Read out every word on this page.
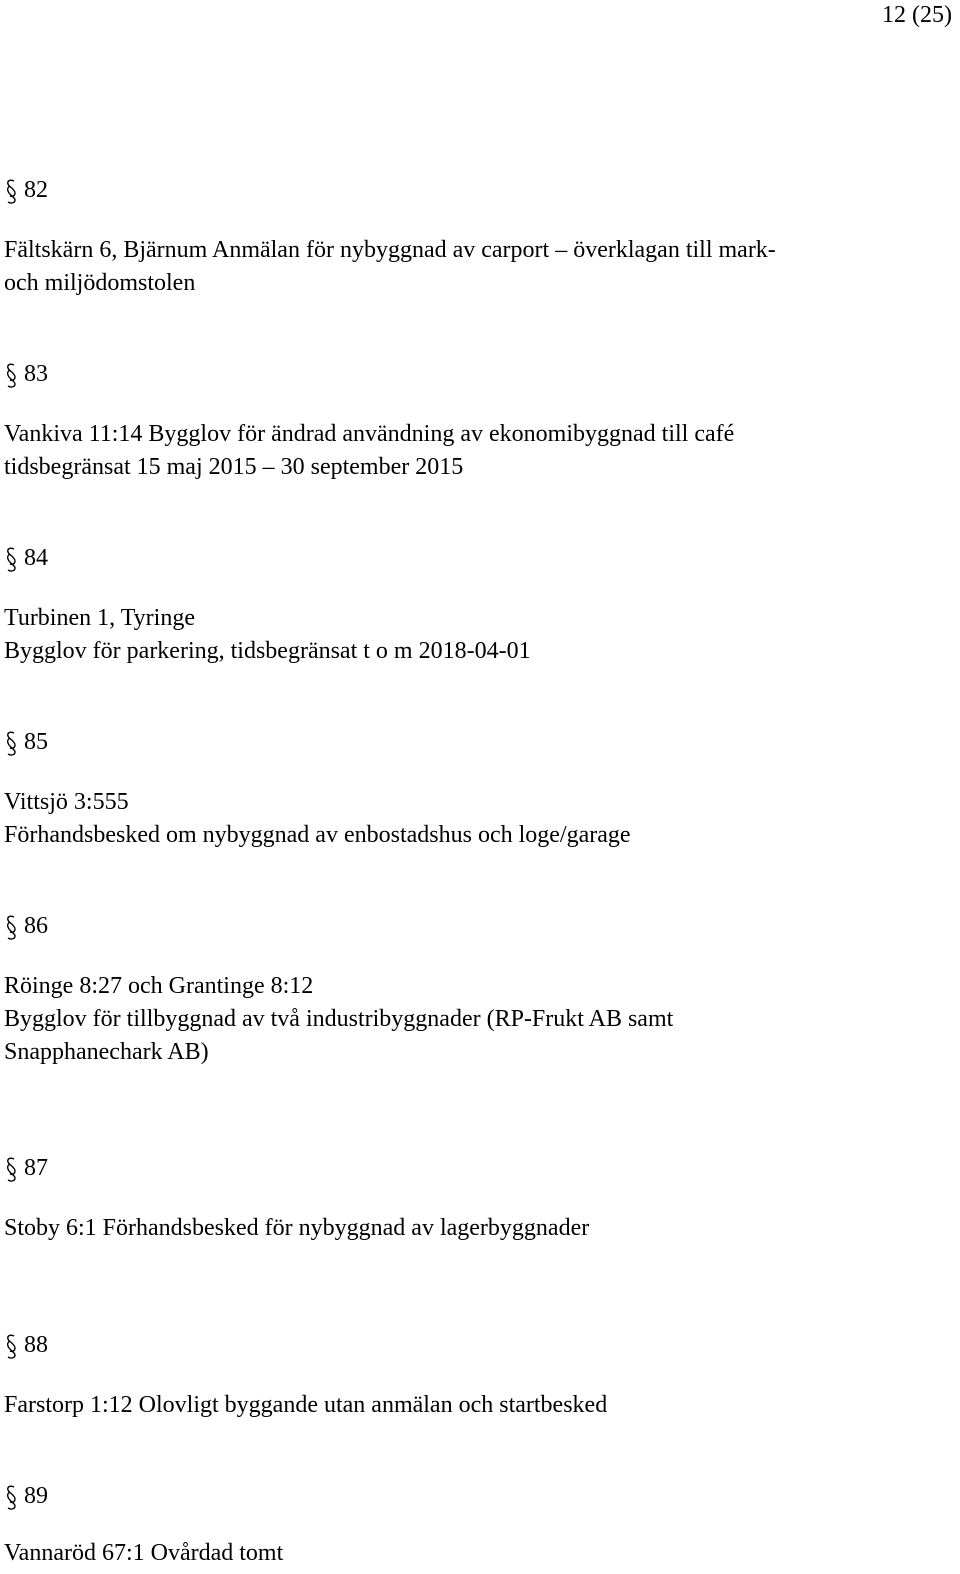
12 (25)
82

Fältskärn 6, Bjärnum Anmälan för nybyggnad av carport – överklagan till mark-
och miljödomstolen

83

Vankiva 11:14 Bygglov för ändrad användning av ekonomibyggnad till café
tidsbegränsat 15 maj 2015 – 30 september 2015

84

Turbinen 1, Tyringe
Bygglov för parkering, tidsbegränsat t o m 2018-04-01

85

Vittsjö 3:555
Förhandsbesked om nybyggnad av enbostadshus och loge/garage

86

Röinge 8:27 och Grantinge 8:12
Bygglov för tillbyggnad av två industribyggnader (RP-Frukt AB samt
Snapphanechark AB)

87

Stoby 6:1 Förhandsbesked för nybyggnad av lagerbyggnader

88

Farstorp 1:12 Olovligt byggande utan anmälan och startbesked

89

Vannaröd 67:1 Ovårdad tomt
